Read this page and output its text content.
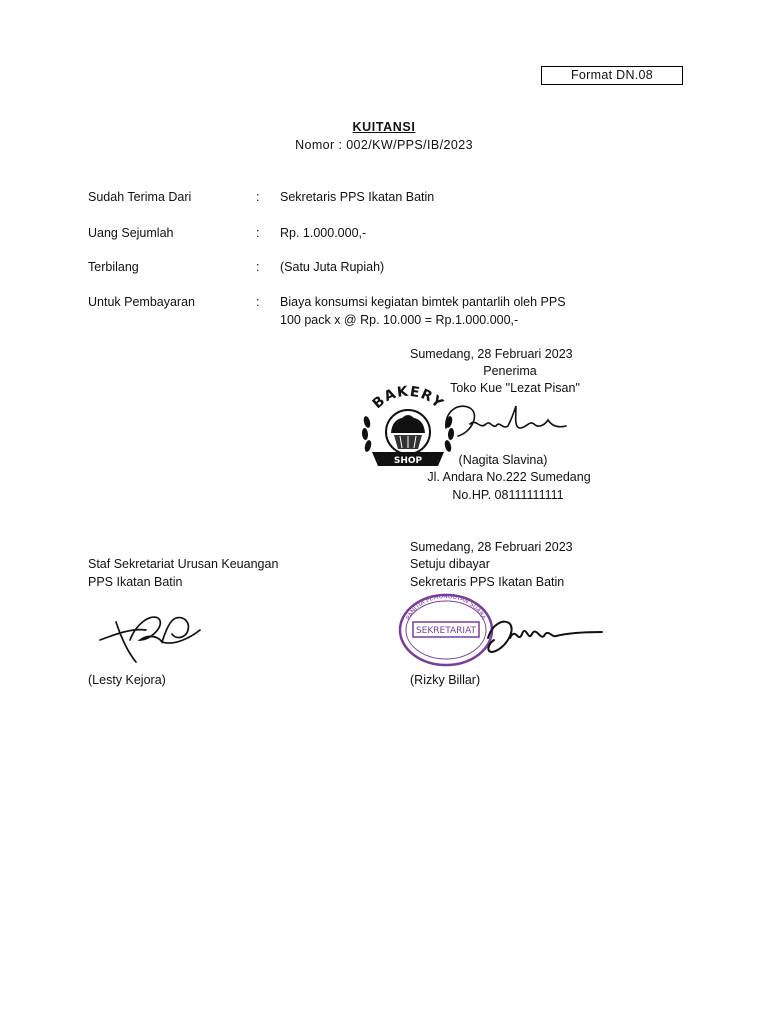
Format DN.08
KUITANSI
Nomor : 002/KW/PPS/IB/2023
Sudah Terima Dari	: Sekretaris PPS Ikatan Batin
Uang Sejumlah	: Rp. 1.000.000,-
Terbilang	: (Satu Juta Rupiah)
Untuk Pembayaran	: Biaya konsumsi kegiatan bimtek pantarlih oleh PPS
100 pack x @ Rp. 10.000 = Rp.1.000.000,-
Sumedang, 28 Februari 2023
Penerima
Toko Kue "Lezat Pisan"
BAKERY
SHOP	(Nagita Slavina)
Jl. Andara No.222 Sumedang
No.HP. 08111111111
Staf Sekretariat Urusan Keuangan
PPS Ikatan Batin
(Lesty Kejora)
Sumedang, 28 Februari 2023
Setuju dibayar
Sekretaris PPS Ikatan Batin
PANITIA PEMUNGUTAN SUARA
SEKRETARIAT
(Rizky Billar)
